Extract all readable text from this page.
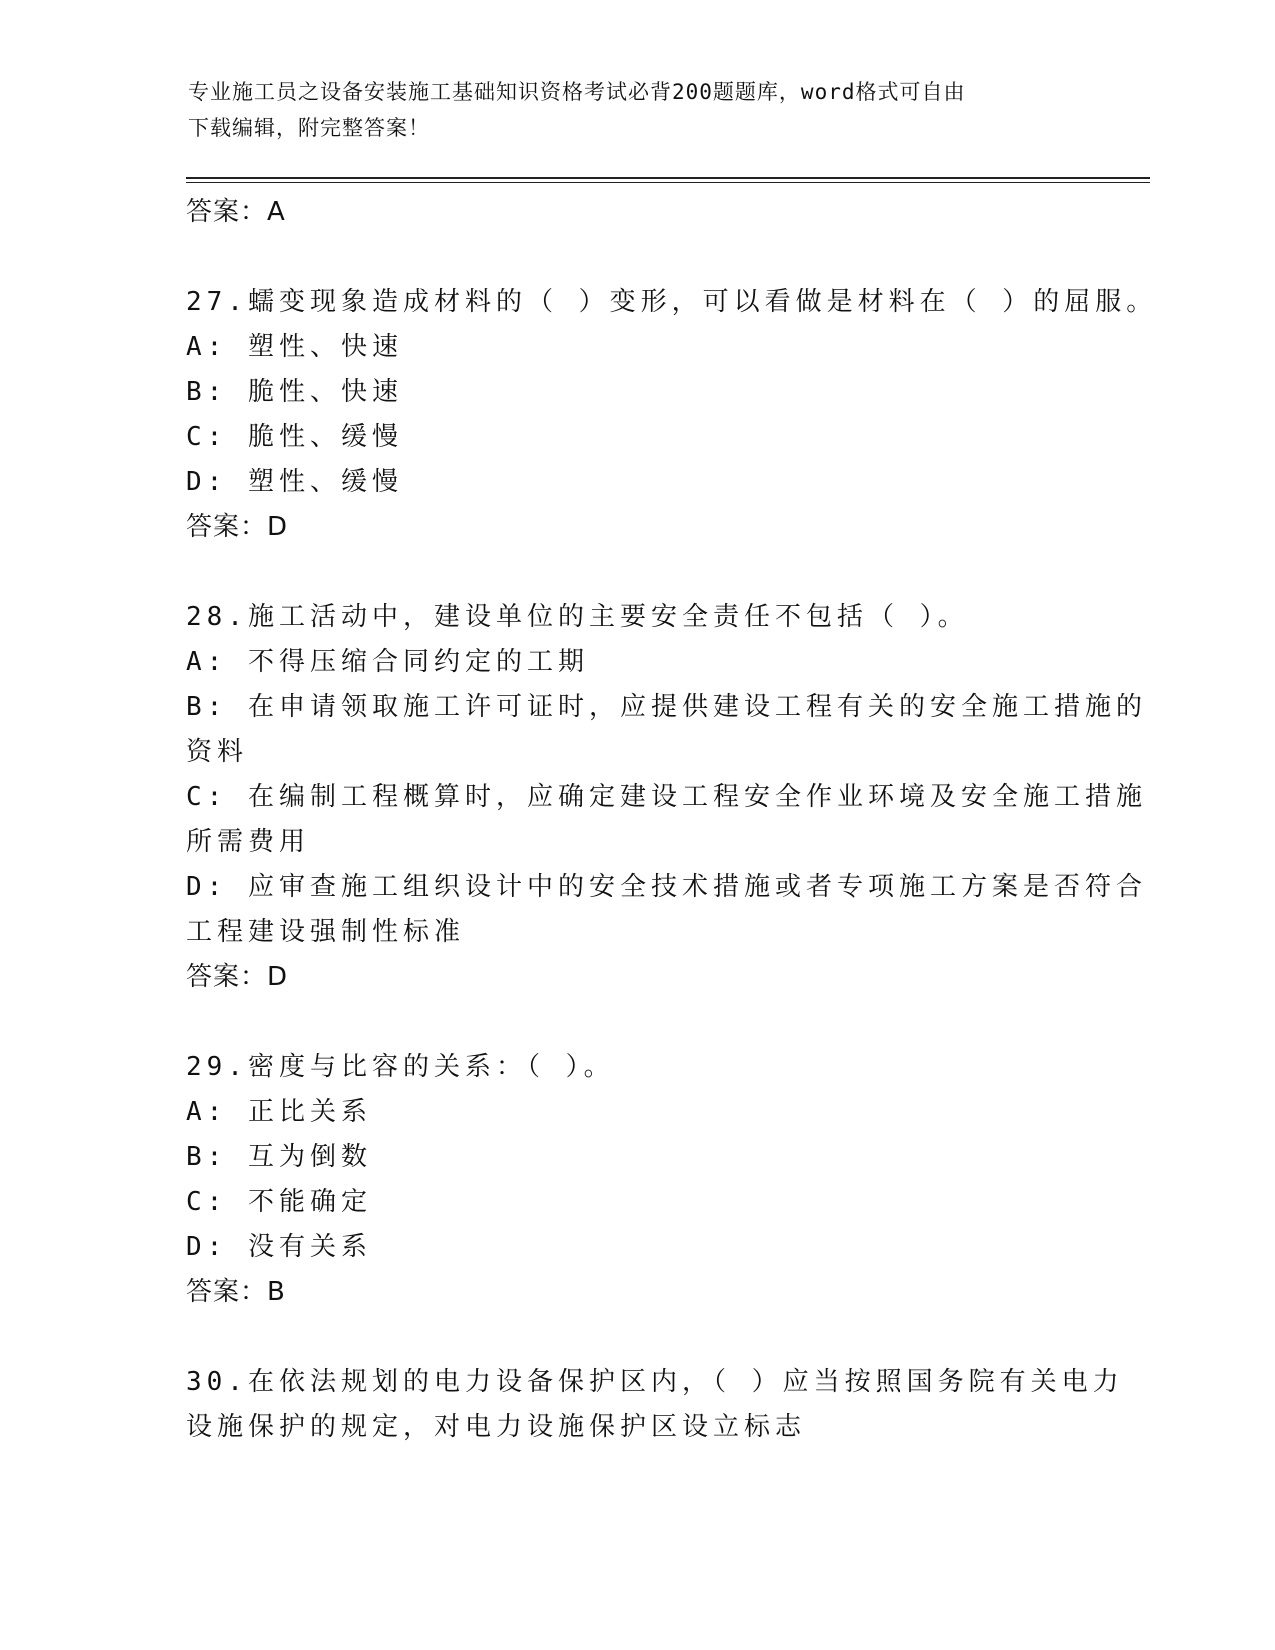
专业施工员之设备安装施工基础知识资格考试必背200题题库，word格式可自由
下载编辑，附完整答案！
答案：A
27.蠕变现象造成材料的（ ）变形，可以看做是材料在（ ）的屈服。
A: 塑性、快速
B: 脆性、快速
C: 脆性、缓慢
D: 塑性、缓慢
答案：D
28.施工活动中，建设单位的主要安全责任不包括（ ）。
A: 不得压缩合同约定的工期
B: 在申请领取施工许可证时，应提供建设工程有关的安全施工措施的
资料
C: 在编制工程概算时，应确定建设工程安全作业环境及安全施工措施
所需费用
D: 应审查施工组织设计中的安全技术措施或者专项施工方案是否符合
工程建设强制性标准
答案：D
29.密度与比容的关系：（ ）。
A: 正比关系
B: 互为倒数
C: 不能确定
D: 没有关系
答案：B
30.在依法规划的电力设备保护区内，（ ）应当按照国务院有关电力
设施保护的规定，对电力设施保护区设立标志
